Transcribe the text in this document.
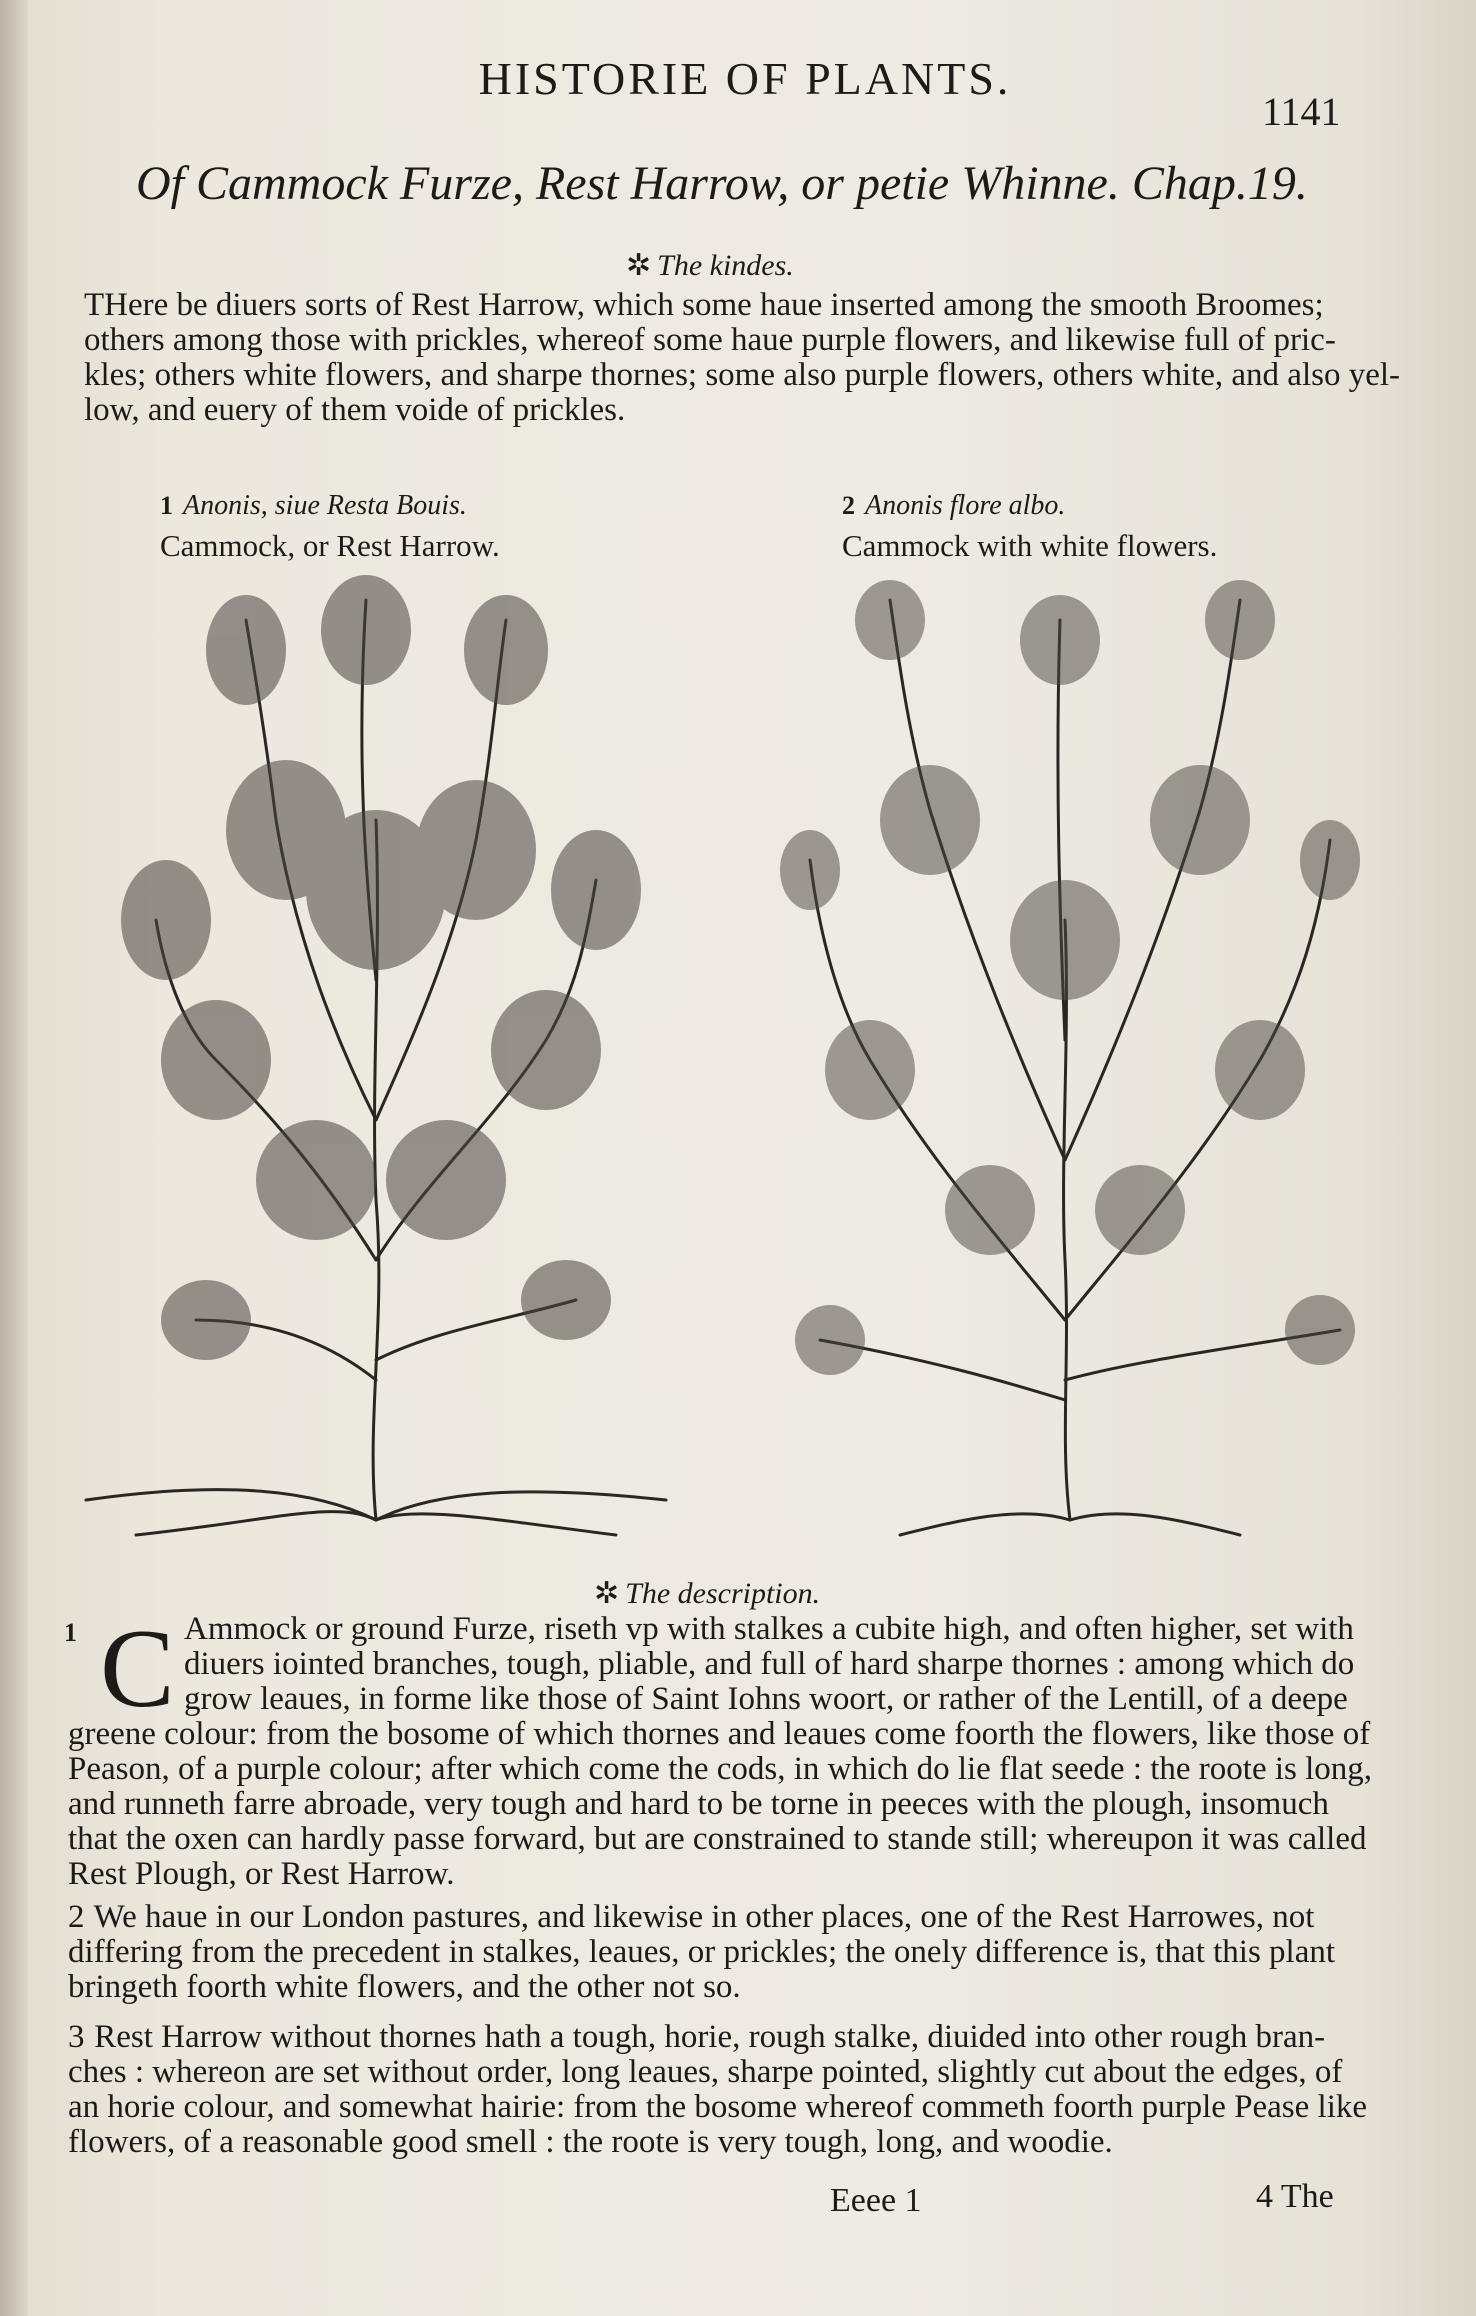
HISTORIE OF PLANTS.
1141
Of Cammock Furze, Rest Harrow, or petie Whinne. Chap.19.
✲ The kindes.
THere be diuers sorts of Rest Harrow, which some haue inserted among the smooth Broomes;
others among those with prickles, whereof some haue purple flowers, and likewise full of pric-
kles; others white flowers, and sharpe thornes; some also purple flowers, others white, and also yel-
low, and euery of them voide of prickles.
1 Anonis, siue Resta Bouis.
Cammock, or Rest Harrow.
2 Anonis flore albo.
Cammock with white flowers.
✲ The description.
1 C Ammock or ground Furze, riseth vp with stalkes a cubite high, and often higher, set with
diuers iointed branches, tough, pliable, and full of hard sharpe thornes : among which do
grow leaues, in forme like those of Saint Iohns woort, or rather of the Lentill, of a deepe
greene colour: from the bosome of which thornes and leaues come foorth the flowers, like those of
Peason, of a purple colour; after which come the cods, in which do lie flat seede : the roote is long,
and runneth farre abroade, very tough and hard to be torne in peeces with the plough, insomuch
that the oxen can hardly passe forward, but are constrained to stande still; whereupon it was called
Rest Plough, or Rest Harrow.
2 We haue in our London pastures, and likewise in other places, one of the Rest Harrowes, not
differing from the precedent in stalkes, leaues, or prickles; the onely difference is, that this plant
bringeth foorth white flowers, and the other not so.
3 Rest Harrow without thornes hath a tough, horie, rough stalke, diuided into other rough bran-
ches : whereon are set without order, long leaues, sharpe pointed, slightly cut about the edges, of
an horie colour, and somewhat hairie: from the bosome whereof commeth foorth purple Pease like
flowers, of a reasonable good smell : the roote is very tough, long, and woodie.
Eeee 1	4 The
